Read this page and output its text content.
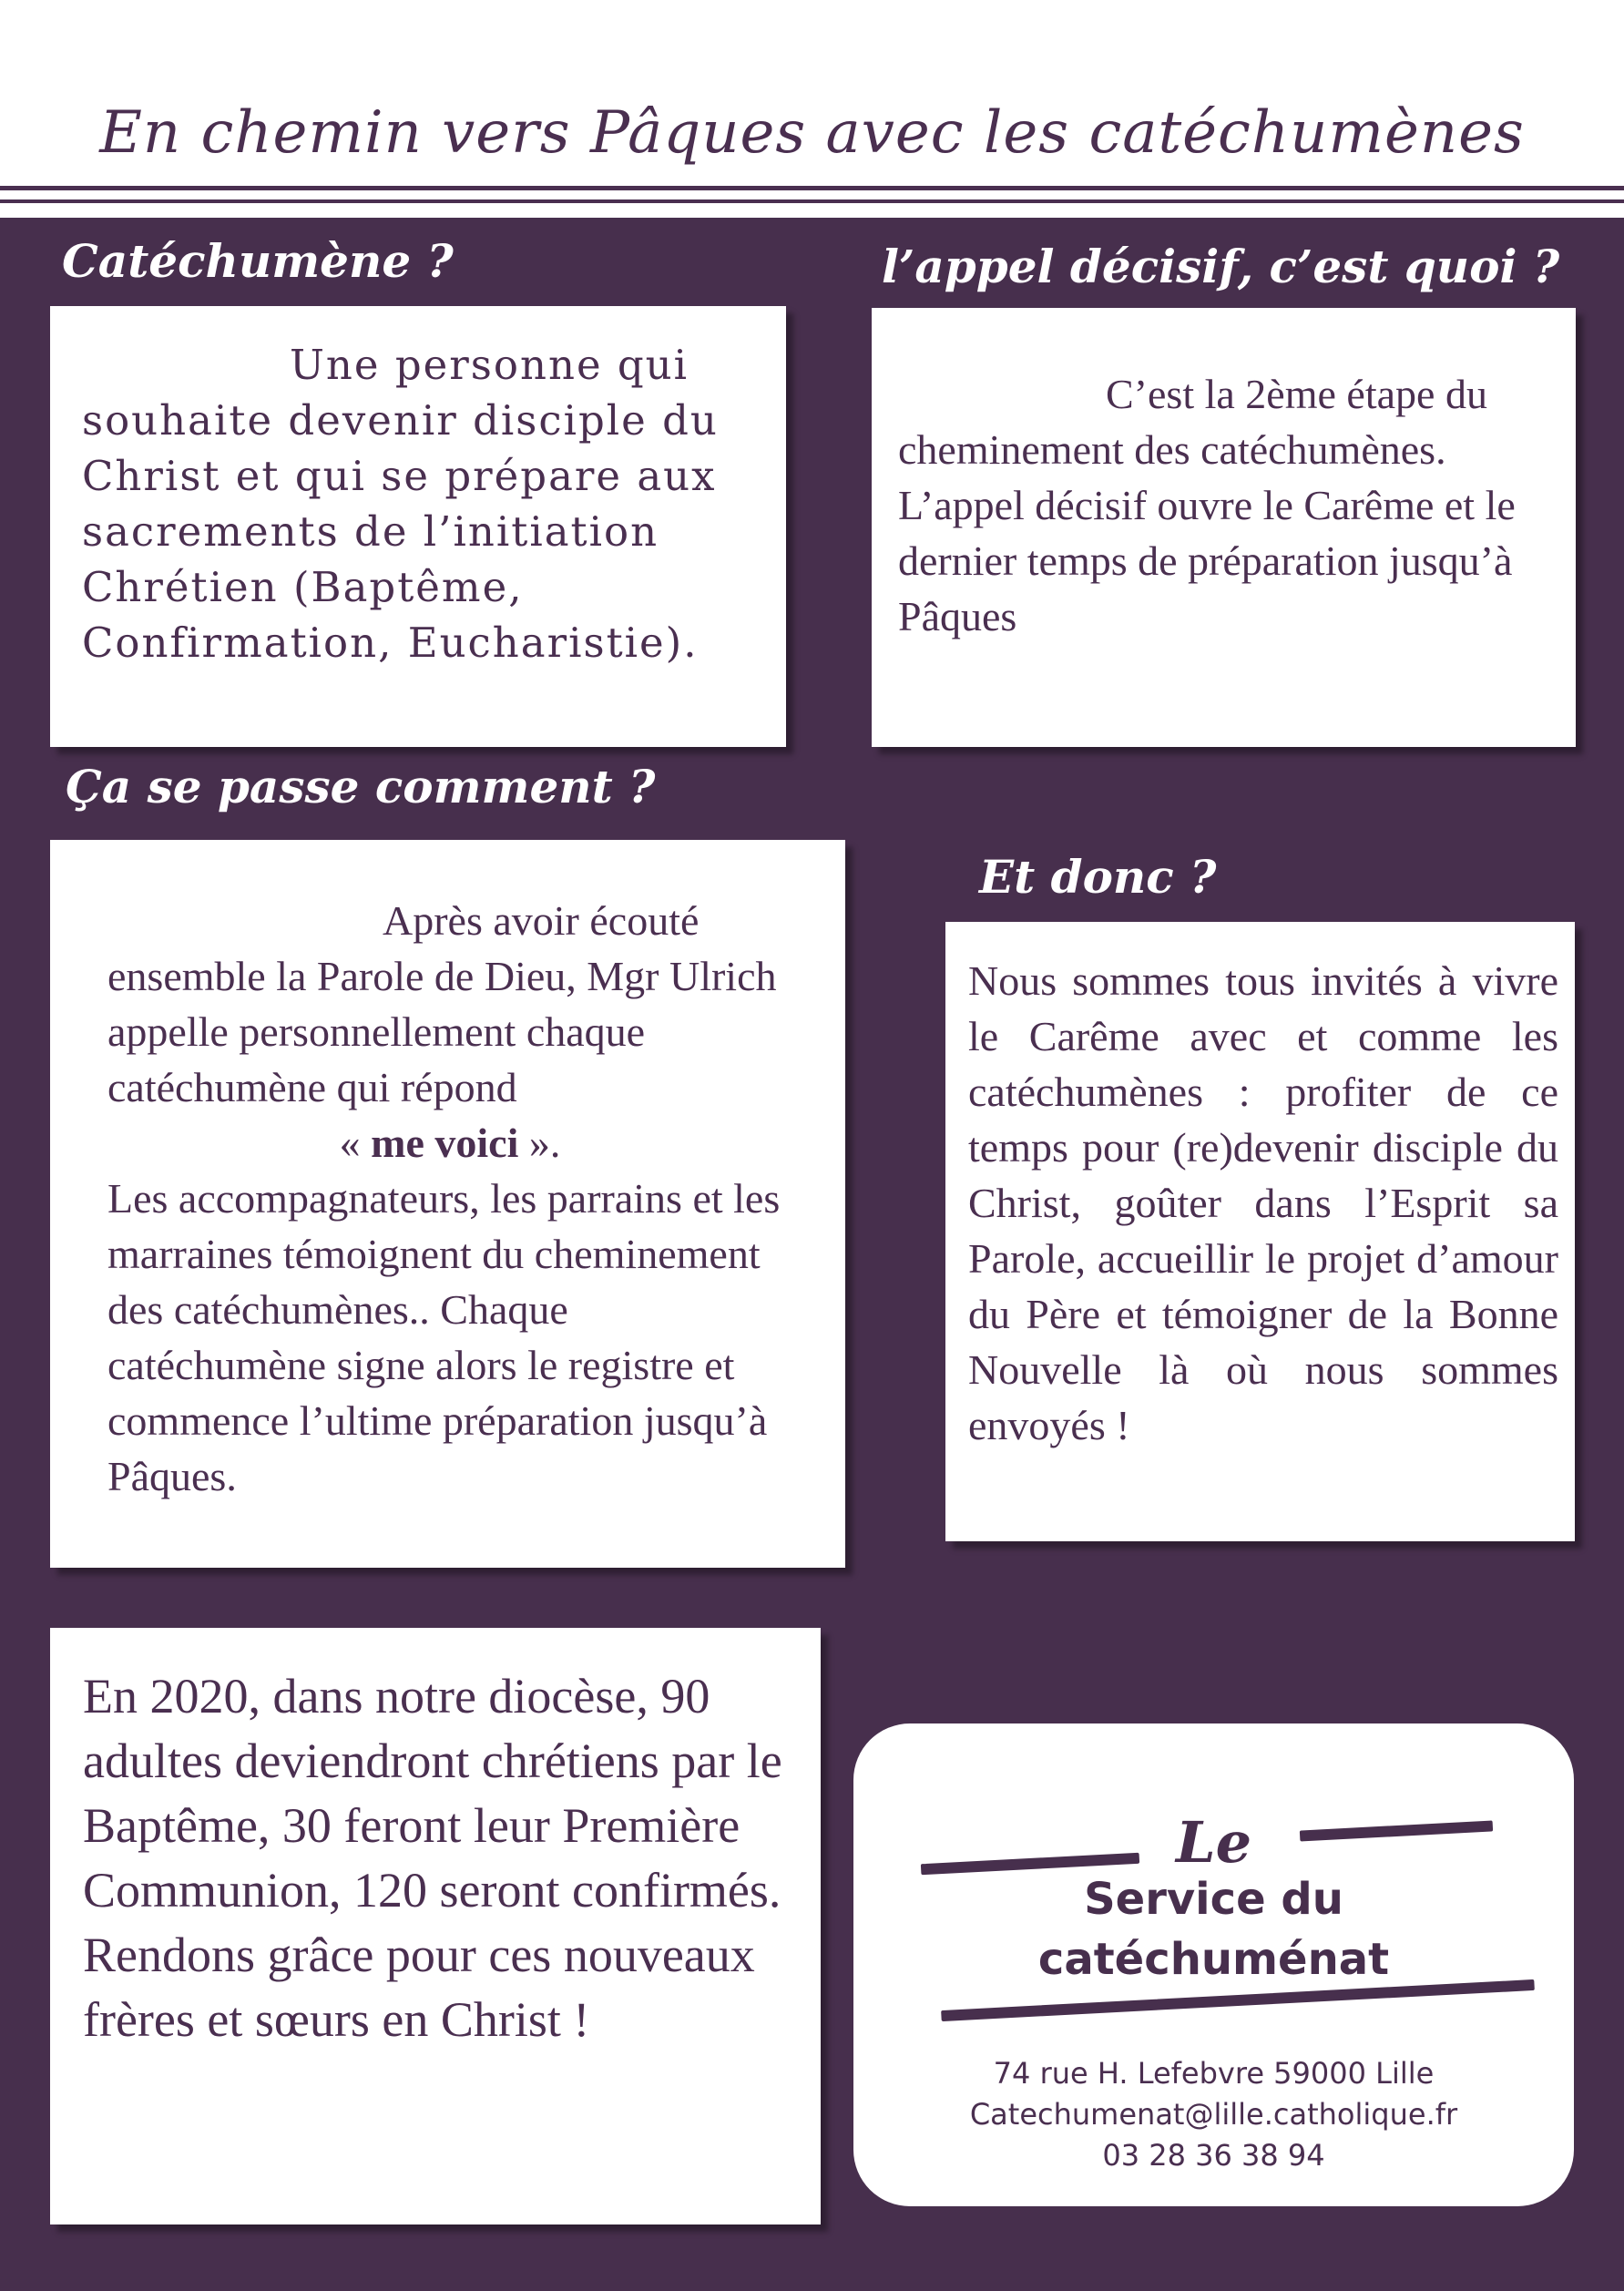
En chemin vers Pâques avec les catéchumènes
Catéchumène ?

Une personne qui souhaite devenir disciple du Christ et qui se prépare aux sacrements de l’initiation Chrétien (Baptême, Confirmation, Eucharistie).

l’appel décisif, c’est quoi ?

C’est la 2ème étape du cheminement des catéchumènes. L’appel décisif ouvre le Carême et le dernier temps de préparation jusqu’à Pâques

Ça se passe comment ?

Après avoir écouté ensemble la Parole de Dieu, Mgr Ulrich appelle personnellement chaque catéchumène qui répond

« me voici ».

Les accompagnateurs, les parrains et les marraines témoignent du cheminement des catéchumènes.. Chaque catéchumène signe alors le registre et commence l’ultime préparation jusqu’à Pâques.

Et donc ?

Nous sommes tous invités à vivre le Carême avec et comme les catéchumènes : profiter de ce temps pour (re)devenir disciple du Christ, goûter dans l’Esprit sa Parole, accueillir le projet d’amour du Père et témoigner de la Bonne Nouvelle là où nous sommes envoyés !

En 2020, dans notre diocèse, 90 adultes deviendront chrétiens par le Baptême, 30 feront leur Première Communion, 120 seront confirmés. Rendons grâce pour ces nouveaux frères et sœurs en Christ !

Le
Service du
catéchuménat
74 rue H. Lefebvre 59000 Lille
Catechumenat@lille.catholique.fr
03 28 36 38 94
